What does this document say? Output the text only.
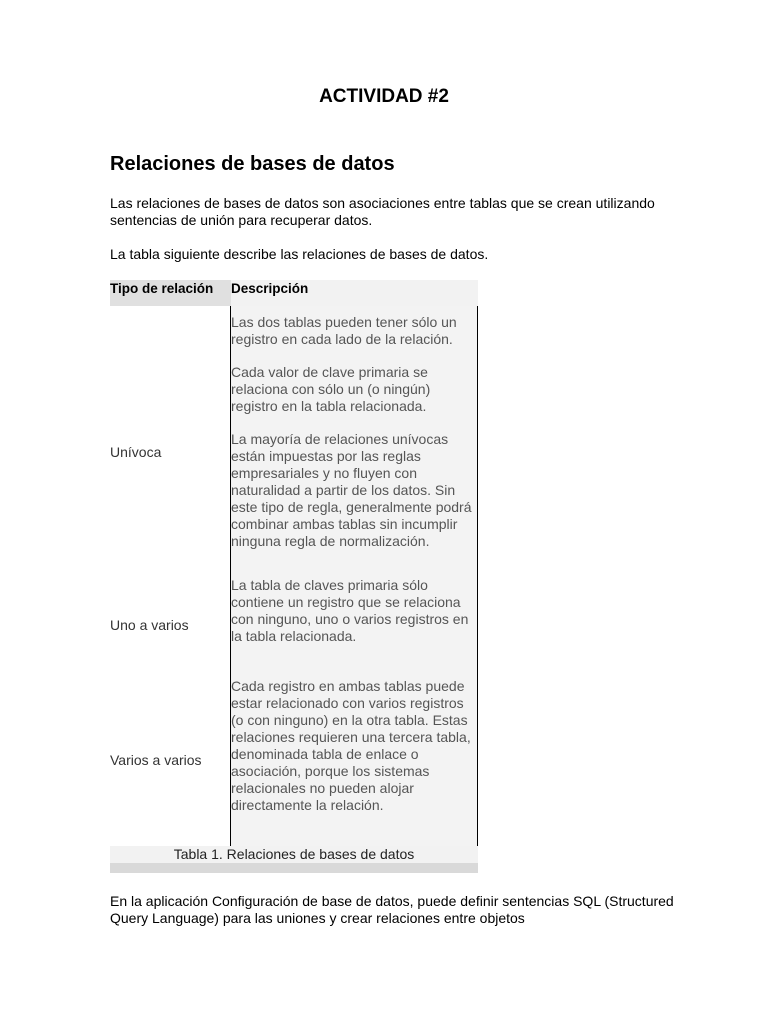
ACTIVIDAD #2
Relaciones de bases de datos
Las relaciones de bases de datos son asociaciones entre tablas que se crean utilizando sentencias de unión para recuperar datos.
La tabla siguiente describe las relaciones de bases de datos.
Tipo de relación	Descripción
Unívoca

Las dos tablas pueden tener sólo un registro en cada lado de la relación.

Cada valor de clave primaria se relaciona con sólo un (o ningún) registro en la tabla relacionada.

La mayoría de relaciones unívocas están impuestas por las reglas empresariales y no fluyen con naturalidad a partir de los datos. Sin este tipo de regla, generalmente podrá combinar ambas tablas sin incumplir ninguna regla de normalización.

Uno a varios

La tabla de claves primaria sólo contiene un registro que se relaciona con ninguno, uno o varios registros en la tabla relacionada.

Varios a varios

Cada registro en ambas tablas puede estar relacionado con varios registros (o con ninguno) en la otra tabla. Estas relaciones requieren una tercera tabla, denominada tabla de enlace o asociación, porque los sistemas relacionales no pueden alojar directamente la relación.

Tabla 1. Relaciones de bases de datos
En la aplicación Configuración de base de datos, puede definir sentencias SQL (Structured Query Language) para las uniones y crear relaciones entre objetos
